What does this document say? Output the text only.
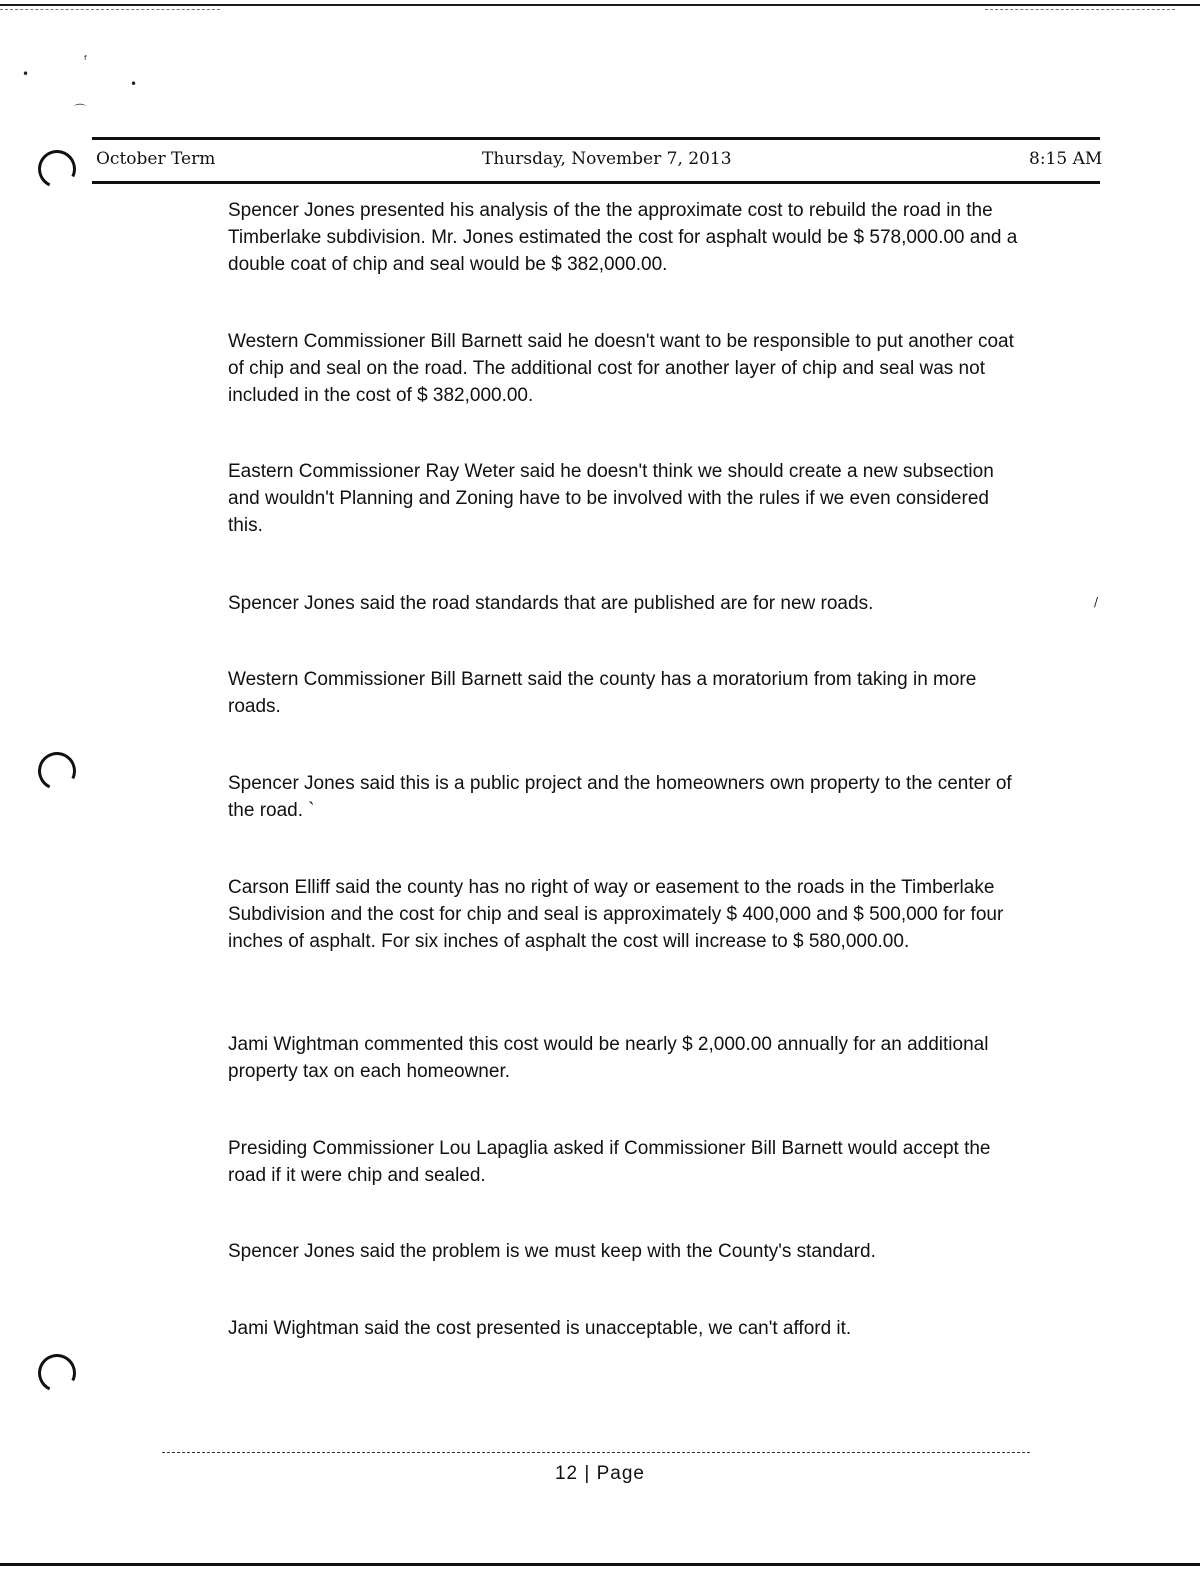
ᶠ
•
•
⌒
/
October Term	Thursday, November 7, 2013	8:15 AM

Spencer Jones presented his analysis of the the approximate cost to rebuild the road in the Timberlake subdivision. Mr. Jones estimated the cost for asphalt would be $ 578,000.00 and a double coat of chip and seal would be $ 382,000.00.

Western Commissioner Bill Barnett said he doesn't want to be responsible to put another coat of chip and seal on the road. The additional cost for another layer of chip and seal was not included in the cost of $ 382,000.00.

Eastern Commissioner Ray Weter said he doesn't think we should create a new subsection and wouldn't Planning and Zoning have to be involved with the rules if we even considered this.

Spencer Jones said the road standards that are published are for new roads.

Western Commissioner Bill Barnett said the county has a moratorium from taking in more roads.

Spencer Jones said this is a public project and the homeowners own property to the center of the road. `

Carson Elliff said the county has no right of way or easement to the roads in the Timberlake Subdivision and the cost for chip and seal is approximately $ 400,000 and $ 500,000 for four inches of asphalt. For six inches of asphalt the cost will increase to $ 580,000.00.

Jami Wightman commented this cost would be nearly $ 2,000.00 annually for an additional property tax on each homeowner.

Presiding Commissioner Lou Lapaglia asked if Commissioner Bill Barnett would accept the road if it were chip and sealed.

Spencer Jones said the problem is we must keep with the County's standard.

Jami Wightman said the cost presented is unacceptable, we can't afford it.

12 | Page
